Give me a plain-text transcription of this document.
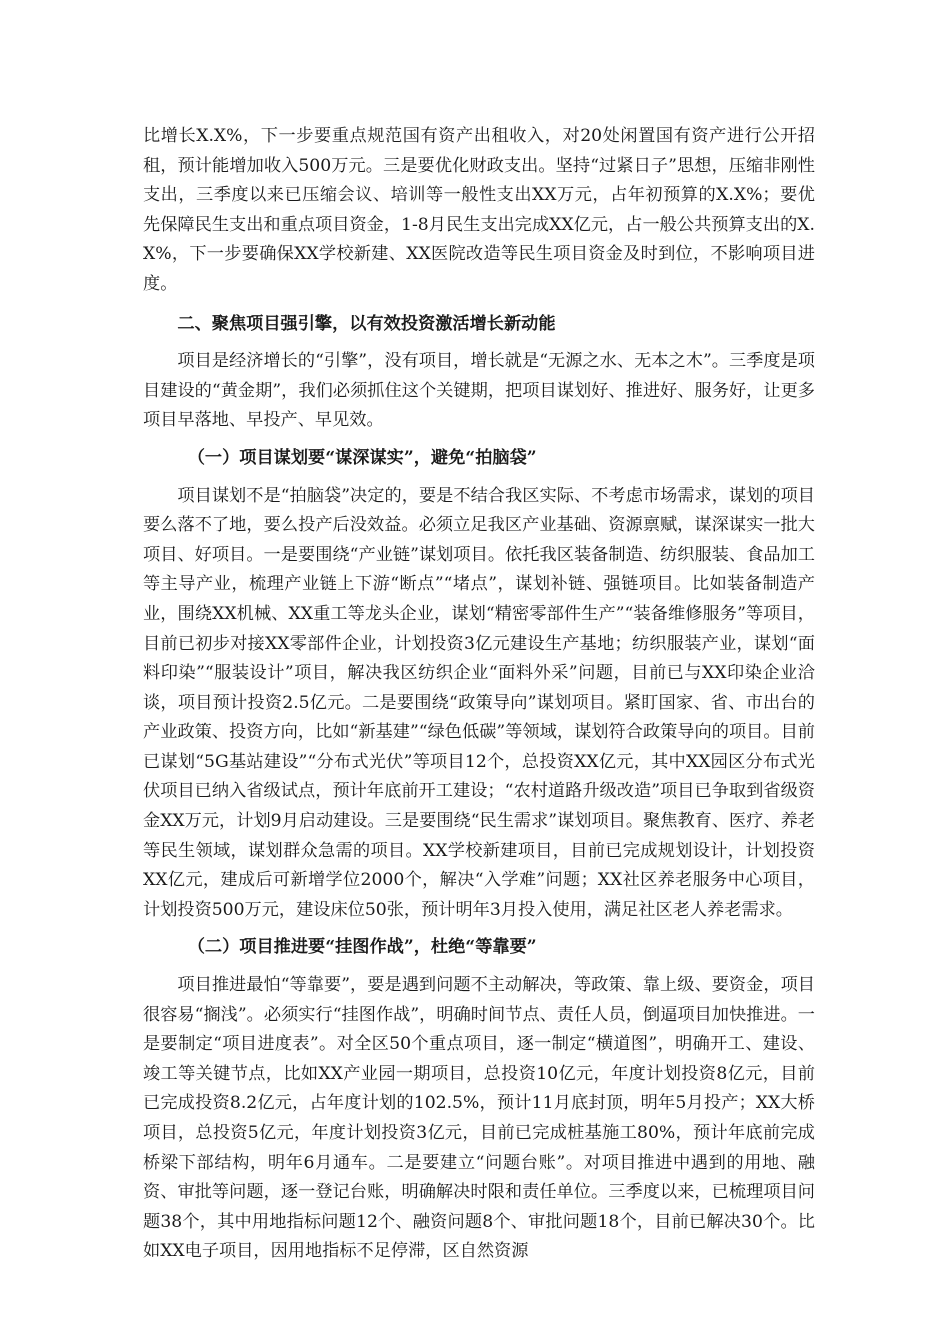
比增长X.X%，下一步要重点规范国有资产出租收入，对20处闲置国有资产进行公开招租，预计能增加收入500万元。三是要优化财政支出。坚持“过紧日子”思想，压缩非刚性支出，三季度以来已压缩会议、培训等一般性支出XX万元，占年初预算的X.X%；要优先保障民生支出和重点项目资金，1-8月民生支出完成XX亿元，占一般公共预算支出的X.X%，下一步要确保XX学校新建、XX医院改造等民生项目资金及时到位，不影响项目进度。

二、聚焦项目强引擎，以有效投资激活增长新动能

项目是经济增长的“引擎”，没有项目，增长就是“无源之水、无本之木”。三季度是项目建设的“黄金期”，我们必须抓住这个关键期，把项目谋划好、推进好、服务好，让更多项目早落地、早投产、早见效。

（一）项目谋划要“谋深谋实”，避免“拍脑袋”

项目谋划不是“拍脑袋”决定的，要是不结合我区实际、不考虑市场需求，谋划的项目要么落不了地，要么投产后没效益。必须立足我区产业基础、资源禀赋，谋深谋实一批大项目、好项目。一是要围绕“产业链”谋划项目。依托我区装备制造、纺织服装、食品加工等主导产业，梳理产业链上下游“断点”“堵点”，谋划补链、强链项目。比如装备制造产业，围绕XX机械、XX重工等龙头企业，谋划“精密零部件生产”“装备维修服务”等项目，目前已初步对接XX零部件企业，计划投资3亿元建设生产基地；纺织服装产业，谋划“面料印染”“服装设计”项目，解决我区纺织企业“面料外采”问题，目前已与XX印染企业洽谈，项目预计投资2.5亿元。二是要围绕“政策导向”谋划项目。紧盯国家、省、市出台的产业政策、投资方向，比如“新基建”“绿色低碳”等领域，谋划符合政策导向的项目。目前已谋划“5G基站建设”“分布式光伏”等项目12个，总投资XX亿元，其中XX园区分布式光伏项目已纳入省级试点，预计年底前开工建设；“农村道路升级改造”项目已争取到省级资金XX万元，计划9月启动建设。三是要围绕“民生需求”谋划项目。聚焦教育、医疗、养老等民生领域，谋划群众急需的项目。XX学校新建项目，目前已完成规划设计，计划投资XX亿元，建成后可新增学位2000个，解决“入学难”问题；XX社区养老服务中心项目，计划投资500万元，建设床位50张，预计明年3月投入使用，满足社区老人养老需求。

（二）项目推进要“挂图作战”，杜绝“等靠要”

项目推进最怕“等靠要”，要是遇到问题不主动解决，等政策、靠上级、要资金，项目很容易“搁浅”。必须实行“挂图作战”，明确时间节点、责任人员，倒逼项目加快推进。一是要制定“项目进度表”。对全区50个重点项目，逐一制定“横道图”，明确开工、建设、竣工等关键节点，比如XX产业园一期项目，总投资10亿元，年度计划投资8亿元，目前已完成投资8.2亿元，占年度计划的102.5%，预计11月底封顶，明年5月投产；XX大桥项目，总投资5亿元，年度计划投资3亿元，目前已完成桩基施工80%，预计年底前完成桥梁下部结构，明年6月通车。二是要建立“问题台账”。对项目推进中遇到的用地、融资、审批等问题，逐一登记台账，明确解决时限和责任单位。三季度以来，已梳理项目问题38个，其中用地指标问题12个、融资问题8个、审批问题18个，目前已解决30个。比如XX电子项目，因用地指标不足停滞，区自然资源
